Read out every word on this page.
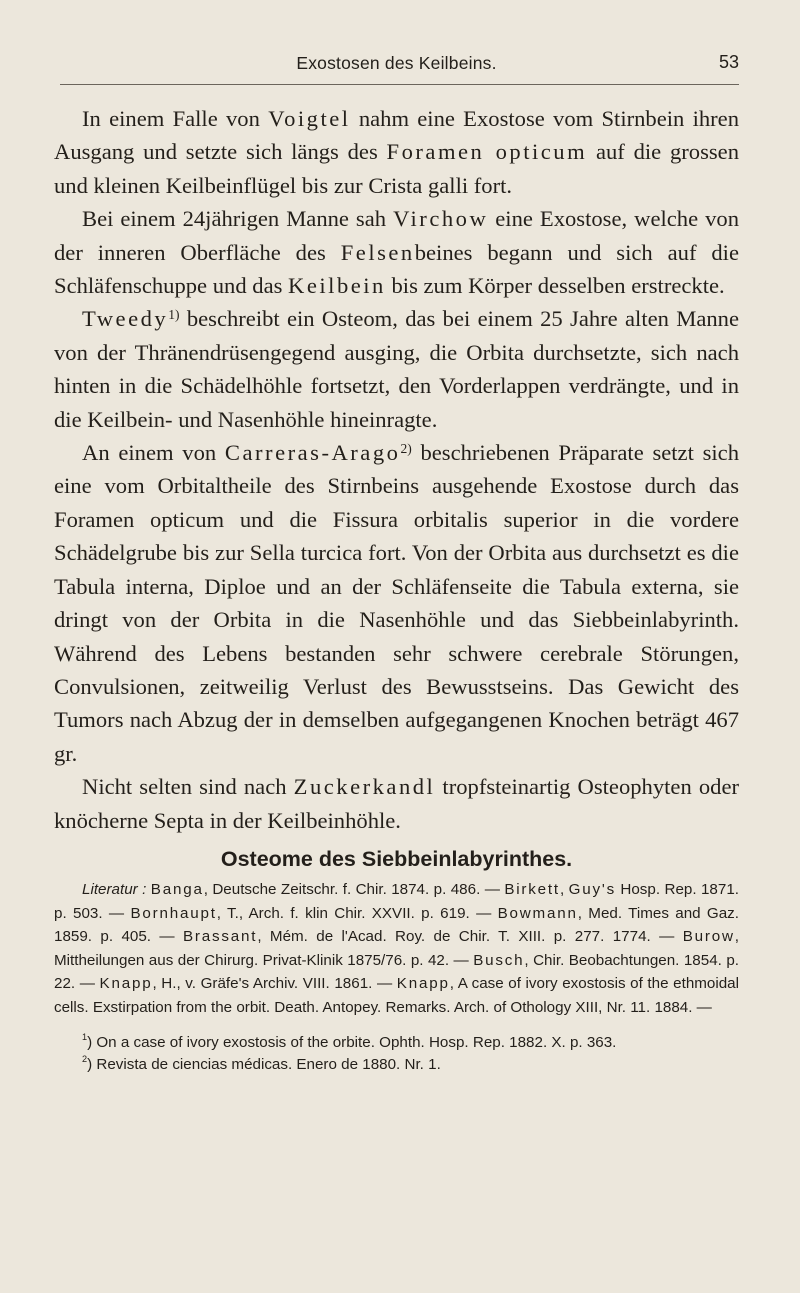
Exostosen des Keilbeins.	53

In einem Falle von Voigtel nahm eine Exostose vom Stirnbein ihren Ausgang und setzte sich längs des Foramen opticum auf die grossen und kleinen Keilbeinflügel bis zur Crista galli fort.

Bei einem 24jährigen Manne sah Virchow eine Exostose, welche von der inneren Oberfläche des Felsenbeines begann und sich auf die Schläfenschuppe und das Keilbein bis zum Körper desselben erstreckte.

Tweedy$^{1)}$ beschreibt ein Osteom, das bei einem 25 Jahre alten Manne von der Thränendrüsengegend ausging, die Orbita durchsetzte, sich nach hinten in die Schädelhöhle fortsetzt, den Vorderlappen verdrängte, und in die Keilbein- und Nasenhöhle hineinragte.

An einem von Carreras-Arago$^{2)}$ beschriebenen Präparate setzt sich eine vom Orbitaltheile des Stirnbeins ausgehende Exostose durch das Foramen opticum und die Fissura orbitalis superior in die vordere Schädelgrube bis zur Sella turcica fort. Von der Orbita aus durchsetzt es die Tabula interna, Diploe und an der Schläfenseite die Tabula externa, sie dringt von der Orbita in die Nasenhöhle und das Siebbeinlabyrinth. Während des Lebens bestanden sehr schwere cerebrale Störungen, Convulsionen, zeitweilig Verlust des Bewusstseins. Das Gewicht des Tumors nach Abzug der in demselben aufgegangenen Knochen beträgt 467 gr.

Nicht selten sind nach Zuckerkandl tropfsteinartig Osteophyten oder knöcherne Septa in der Keilbeinhöhle.

Osteome des Siebbeinlabyrinthes.
Literatur : Banga, Deutsche Zeitschr. f. Chir. 1874. p. 486. — Birkett, Guy's Hosp. Rep. 1871. p. 503. — Bornhaupt, T., Arch. f. klin Chir. XXVII. p. 619. — Bowmann, Med. Times and Gaz. 1859. p. 405. — Brassant, Mém. de l'Acad. Roy. de Chir. T. XIII. p. 277. 1774. — Burow, Mittheilungen aus der Chirurg. Privat-Klinik 1875/76. p. 42. — Busch, Chir. Beobachtungen. 1854. p. 22. — Knapp, H., v. Gräfe's Archiv. VIII. 1861. — Knapp, A case of ivory exostosis of the ethmoidal cells. Exstirpation from the orbit. Death. Antopey. Remarks. Arch. of Othology XIII, Nr. 11. 1884. —
$^1$) On a case of ivory exostosis of the orbite. Ophth. Hosp. Rep. 1882. X. p. 363.
$^2$) Revista de ciencias médicas. Enero de 1880. Nr. 1.
